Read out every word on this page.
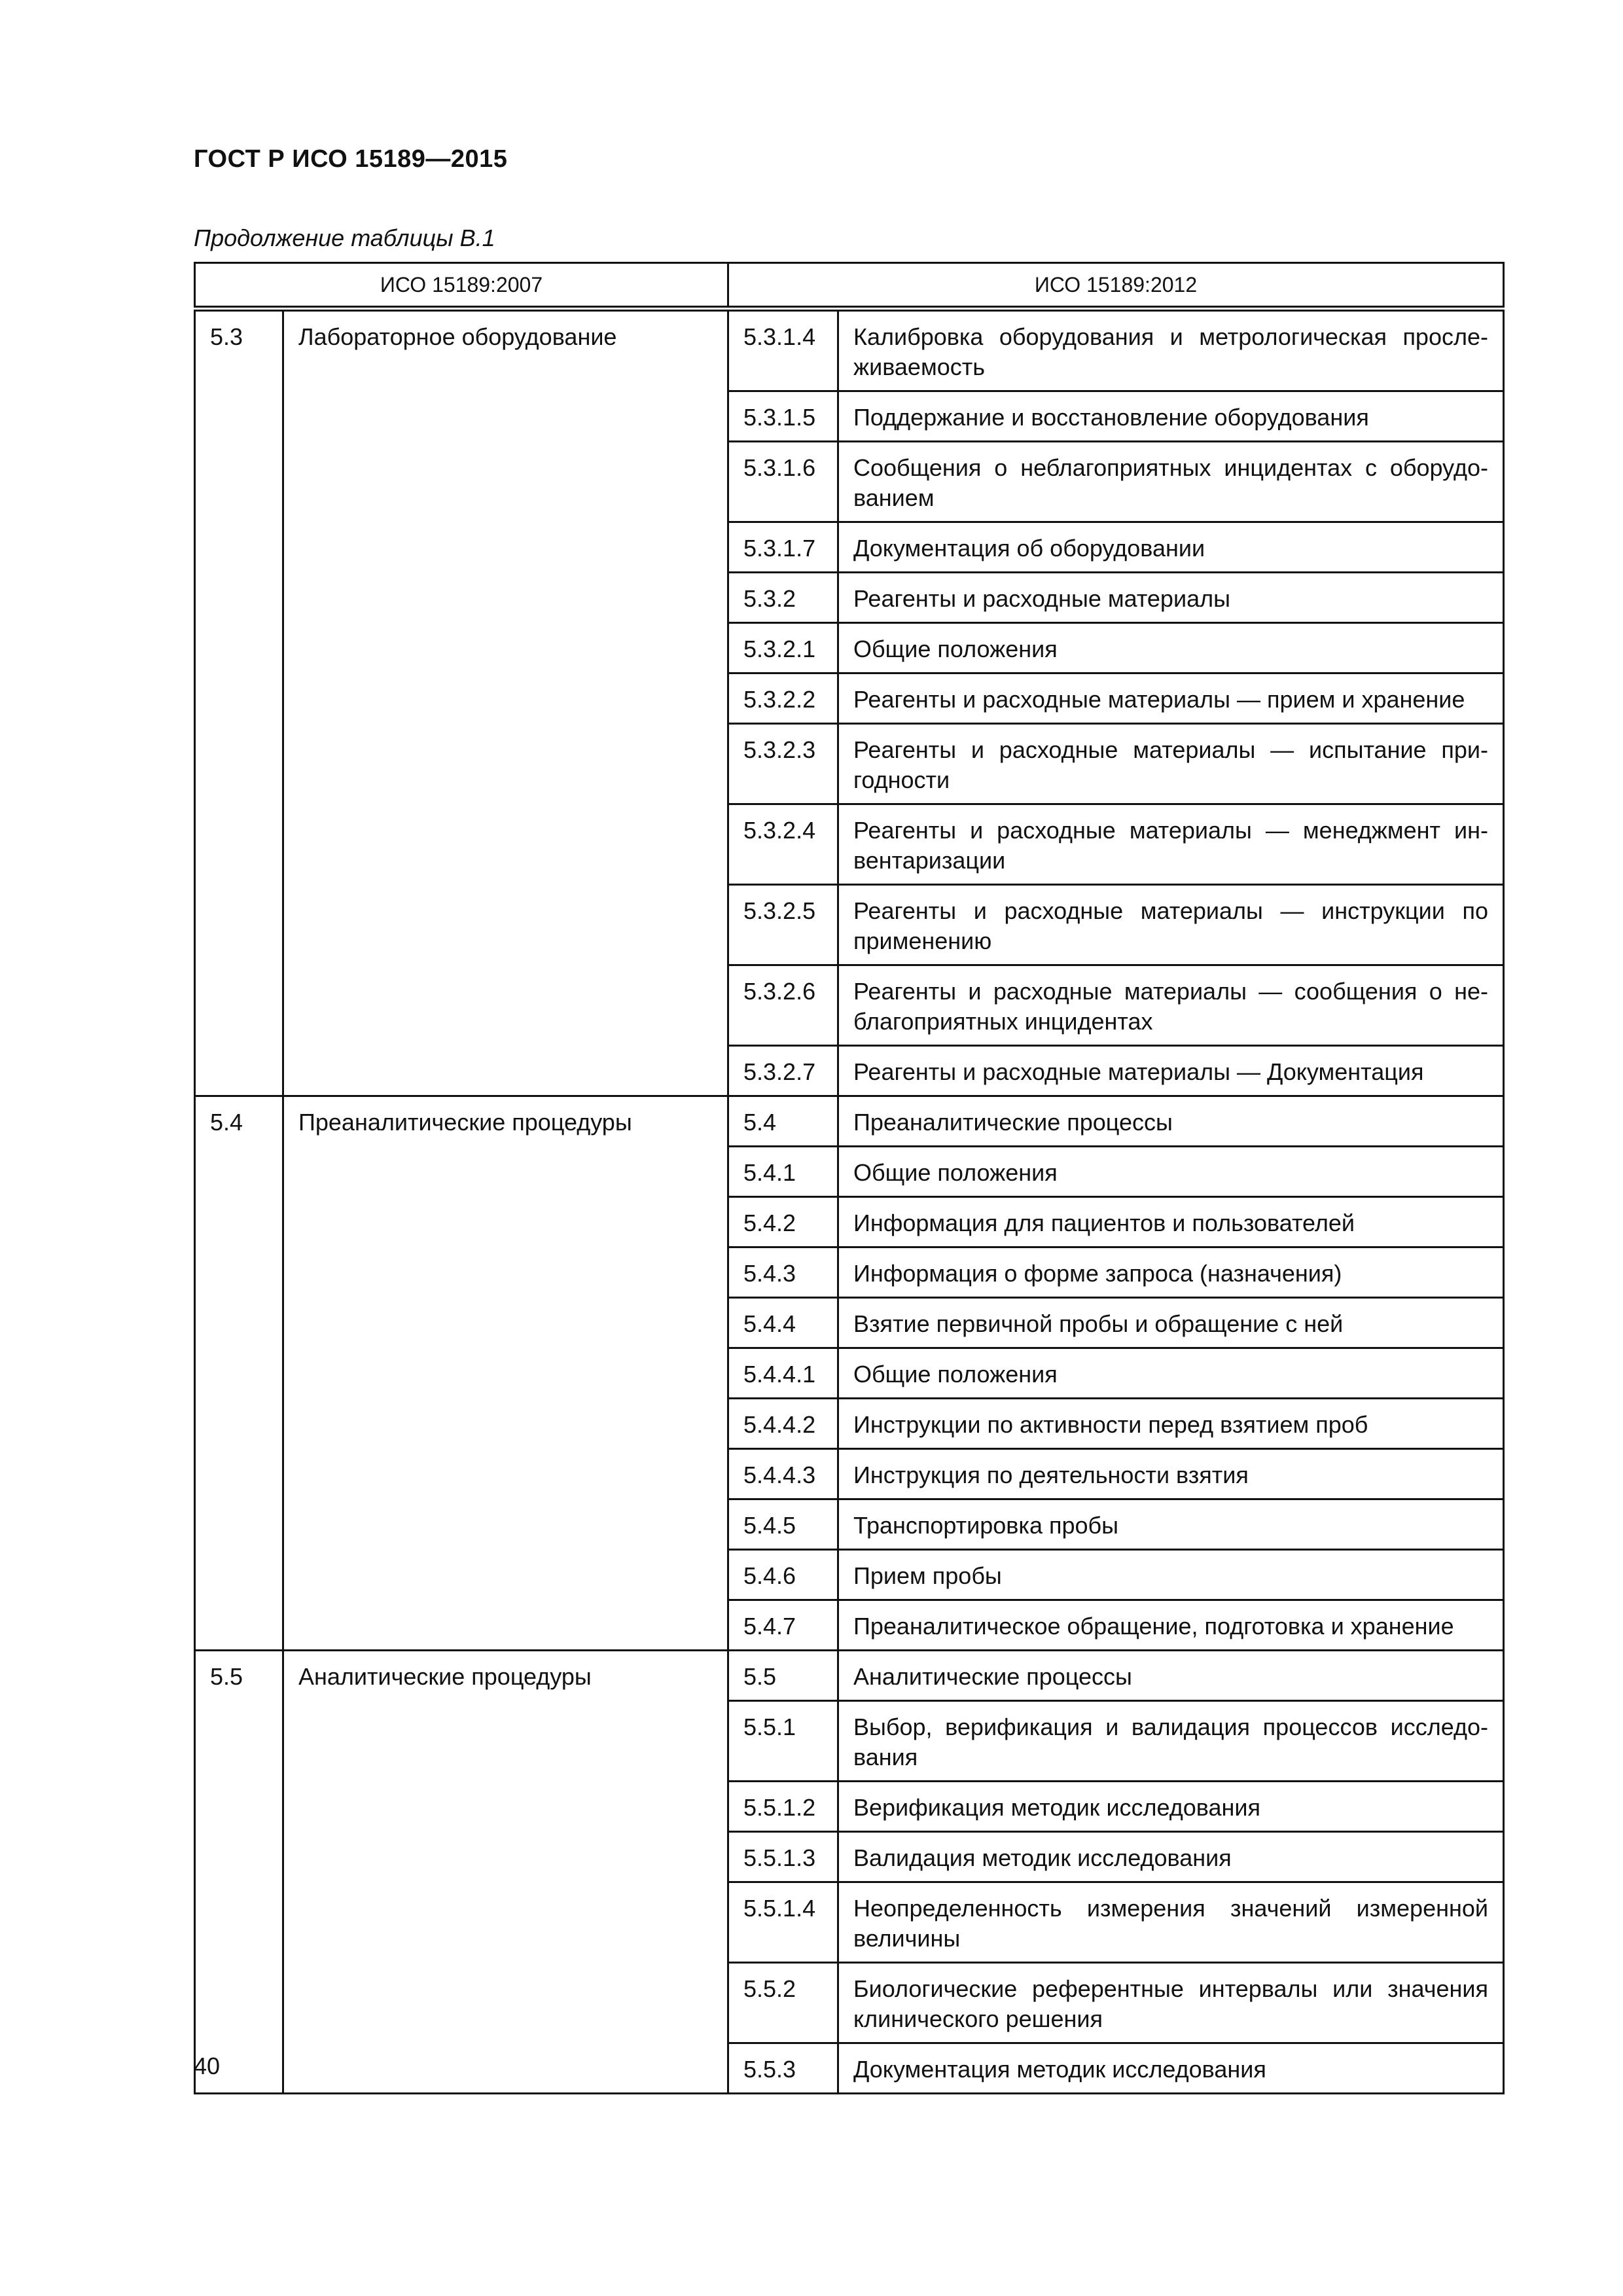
ГОСТ Р ИСО 15189—2015
Продолжение таблицы В.1
ИСО 15189:2007		ИСО 15189:2012	
5.3	Лабораторное оборудование	5.3.1.4	Калибровка оборудования и метрологическая просле-живаемость
		5.3.1.5	Поддержание и восстановление оборудования
		5.3.1.6	Сообщения о неблагоприятных инцидентах с оборудо-ванием
		5.3.1.7	Документация об оборудовании
		5.3.2	Реагенты и расходные материалы
		5.3.2.1	Общие положения
		5.3.2.2	Реагенты и расходные материалы — прием и хранение
		5.3.2.3	Реагенты и расходные материалы — испытание при-годности
		5.3.2.4	Реагенты и расходные материалы — менеджмент ин-вентаризации
		5.3.2.5	Реагенты и расходные материалы — инструкции по применению
		5.3.2.6	Реагенты и расходные материалы — сообщения о не-благоприятных инцидентах
		5.3.2.7	Реагенты и расходные материалы — Документация
5.4	Преаналитические процедуры	5.4	Преаналитические процессы
		5.4.1	Общие положения
		5.4.2	Информация для пациентов и пользователей
		5.4.3	Информация о форме запроса (назначения)
		5.4.4	Взятие первичной пробы и обращение с ней
		5.4.4.1	Общие положения
		5.4.4.2	Инструкции по активности перед взятием проб
		5.4.4.3	Инструкция по деятельности взятия
		5.4.5	Транспортировка пробы
		5.4.6	Прием пробы
		5.4.7	Преаналитическое обращение, подготовка и хранение
5.5	Аналитические процедуры	5.5	Аналитические процессы
		5.5.1	Выбор, верификация и валидация процессов исследо-вания
		5.5.1.2	Верификация методик исследования
		5.5.1.3	Валидация методик исследования
		5.5.1.4	Неопределенность измерения значений измеренной величины
		5.5.2	Биологические референтные интервалы или значения клинического решения
		5.5.3	Документация методик исследования
40
